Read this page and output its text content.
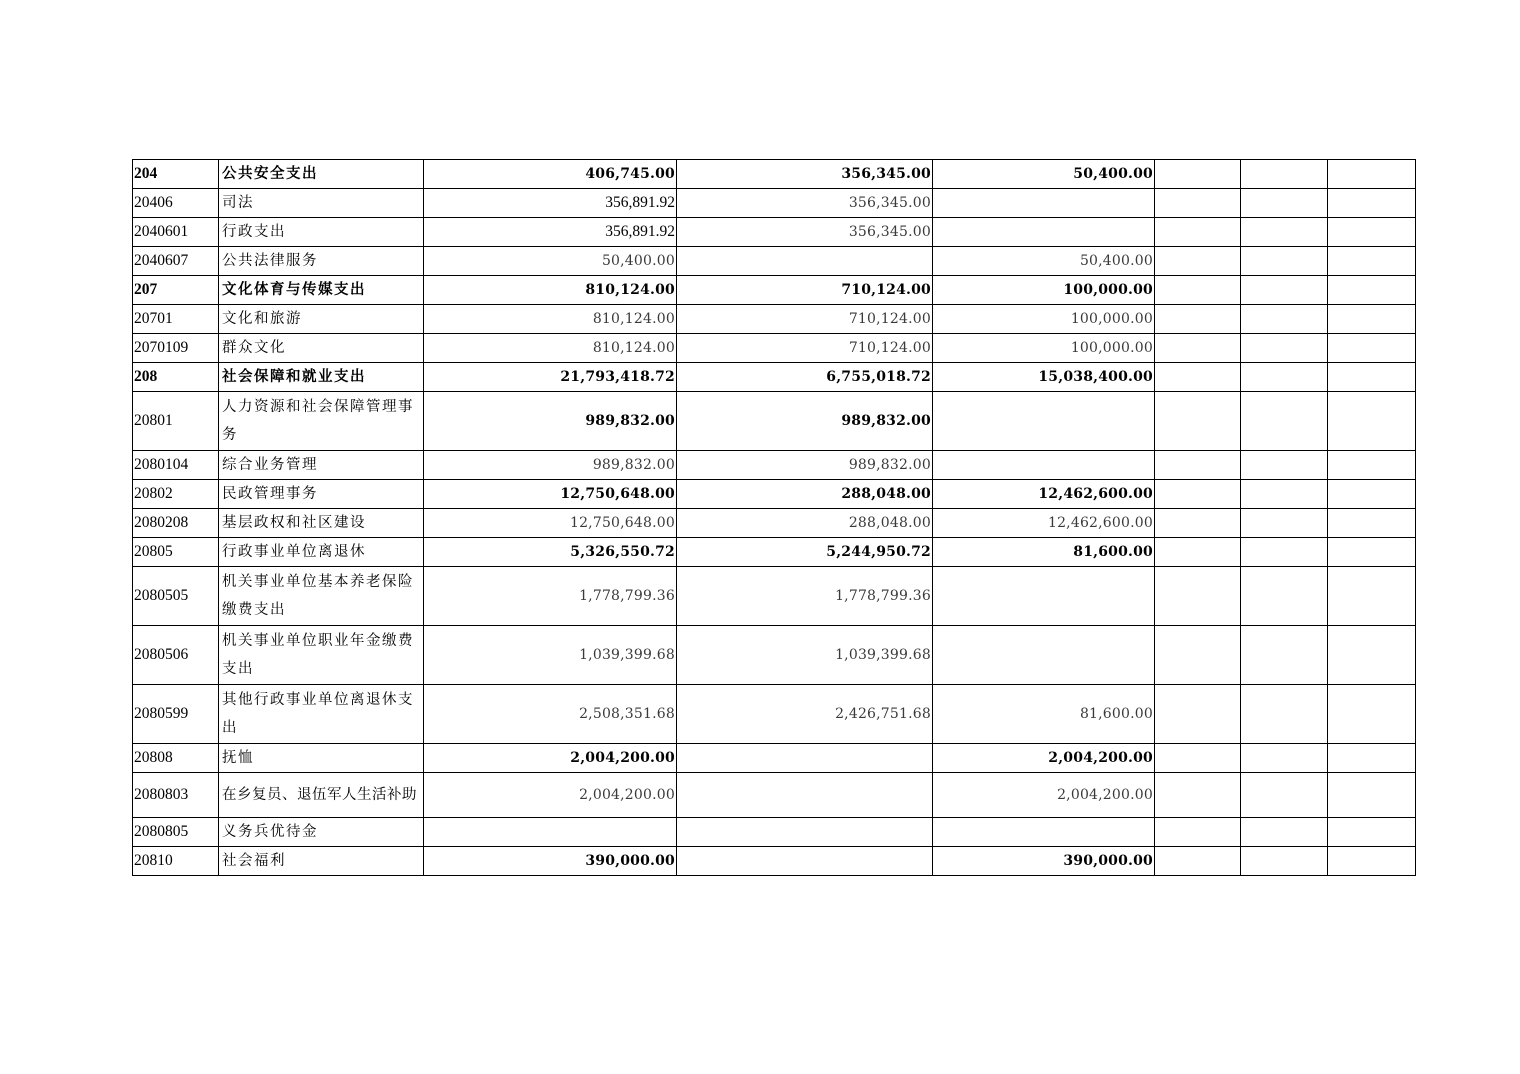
204	公共安全支出	406,745.00	356,345.00	50,400.00			
20406	司法	356,891.92	356,345.00				
2040601	行政支出	356,891.92	356,345.00				
2040607	公共法律服务	50,400.00		50,400.00			
207	文化体育与传媒支出	810,124.00	710,124.00	100,000.00			
20701	文化和旅游	810,124.00	710,124.00	100,000.00			
2070109	群众文化	810,124.00	710,124.00	100,000.00			
208	社会保障和就业支出	21,793,418.72	6,755,018.72	15,038,400.00			
20801	人力资源和社会保障管理事务	989,832.00	989,832.00				
2080104	综合业务管理	989,832.00	989,832.00				
20802	民政管理事务	12,750,648.00	288,048.00	12,462,600.00			
2080208	基层政权和社区建设	12,750,648.00	288,048.00	12,462,600.00			
20805	行政事业单位离退休	5,326,550.72	5,244,950.72	81,600.00			
2080505	机关事业单位基本养老保险缴费支出	1,778,799.36	1,778,799.36				
2080506	机关事业单位职业年金缴费支出	1,039,399.68	1,039,399.68				
2080599	其他行政事业单位离退休支出	2,508,351.68	2,426,751.68	81,600.00			
20808	抚恤	2,004,200.00		2,004,200.00			
2080803	在乡复员、退伍军人生活补助	2,004,200.00		2,004,200.00			
2080805	义务兵优待金						
20810	社会福利	390,000.00		390,000.00			
